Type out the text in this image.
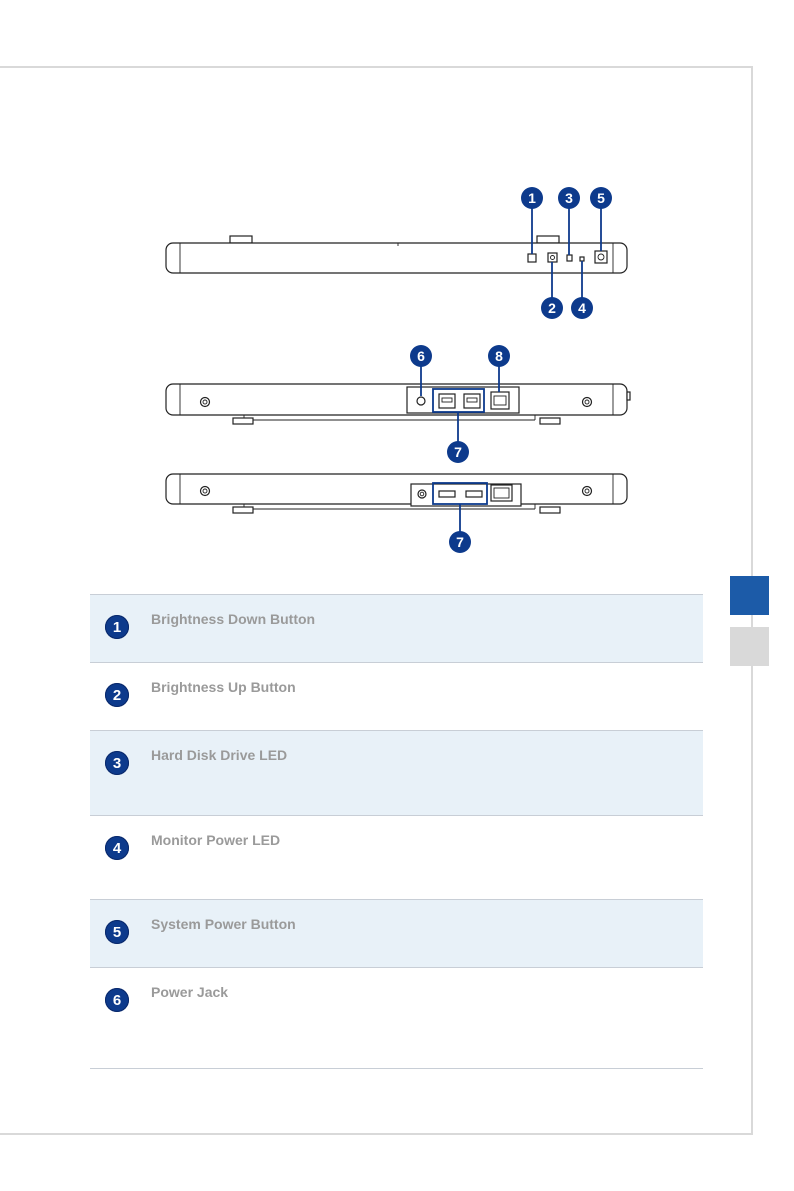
1 3 5
2 4
6	8
7
7
1	Brightness Down Button
2	Brightness Up Button
3	Hard Disk Drive LED
4	Monitor Power LED
5	System Power Button
6	Power Jack
